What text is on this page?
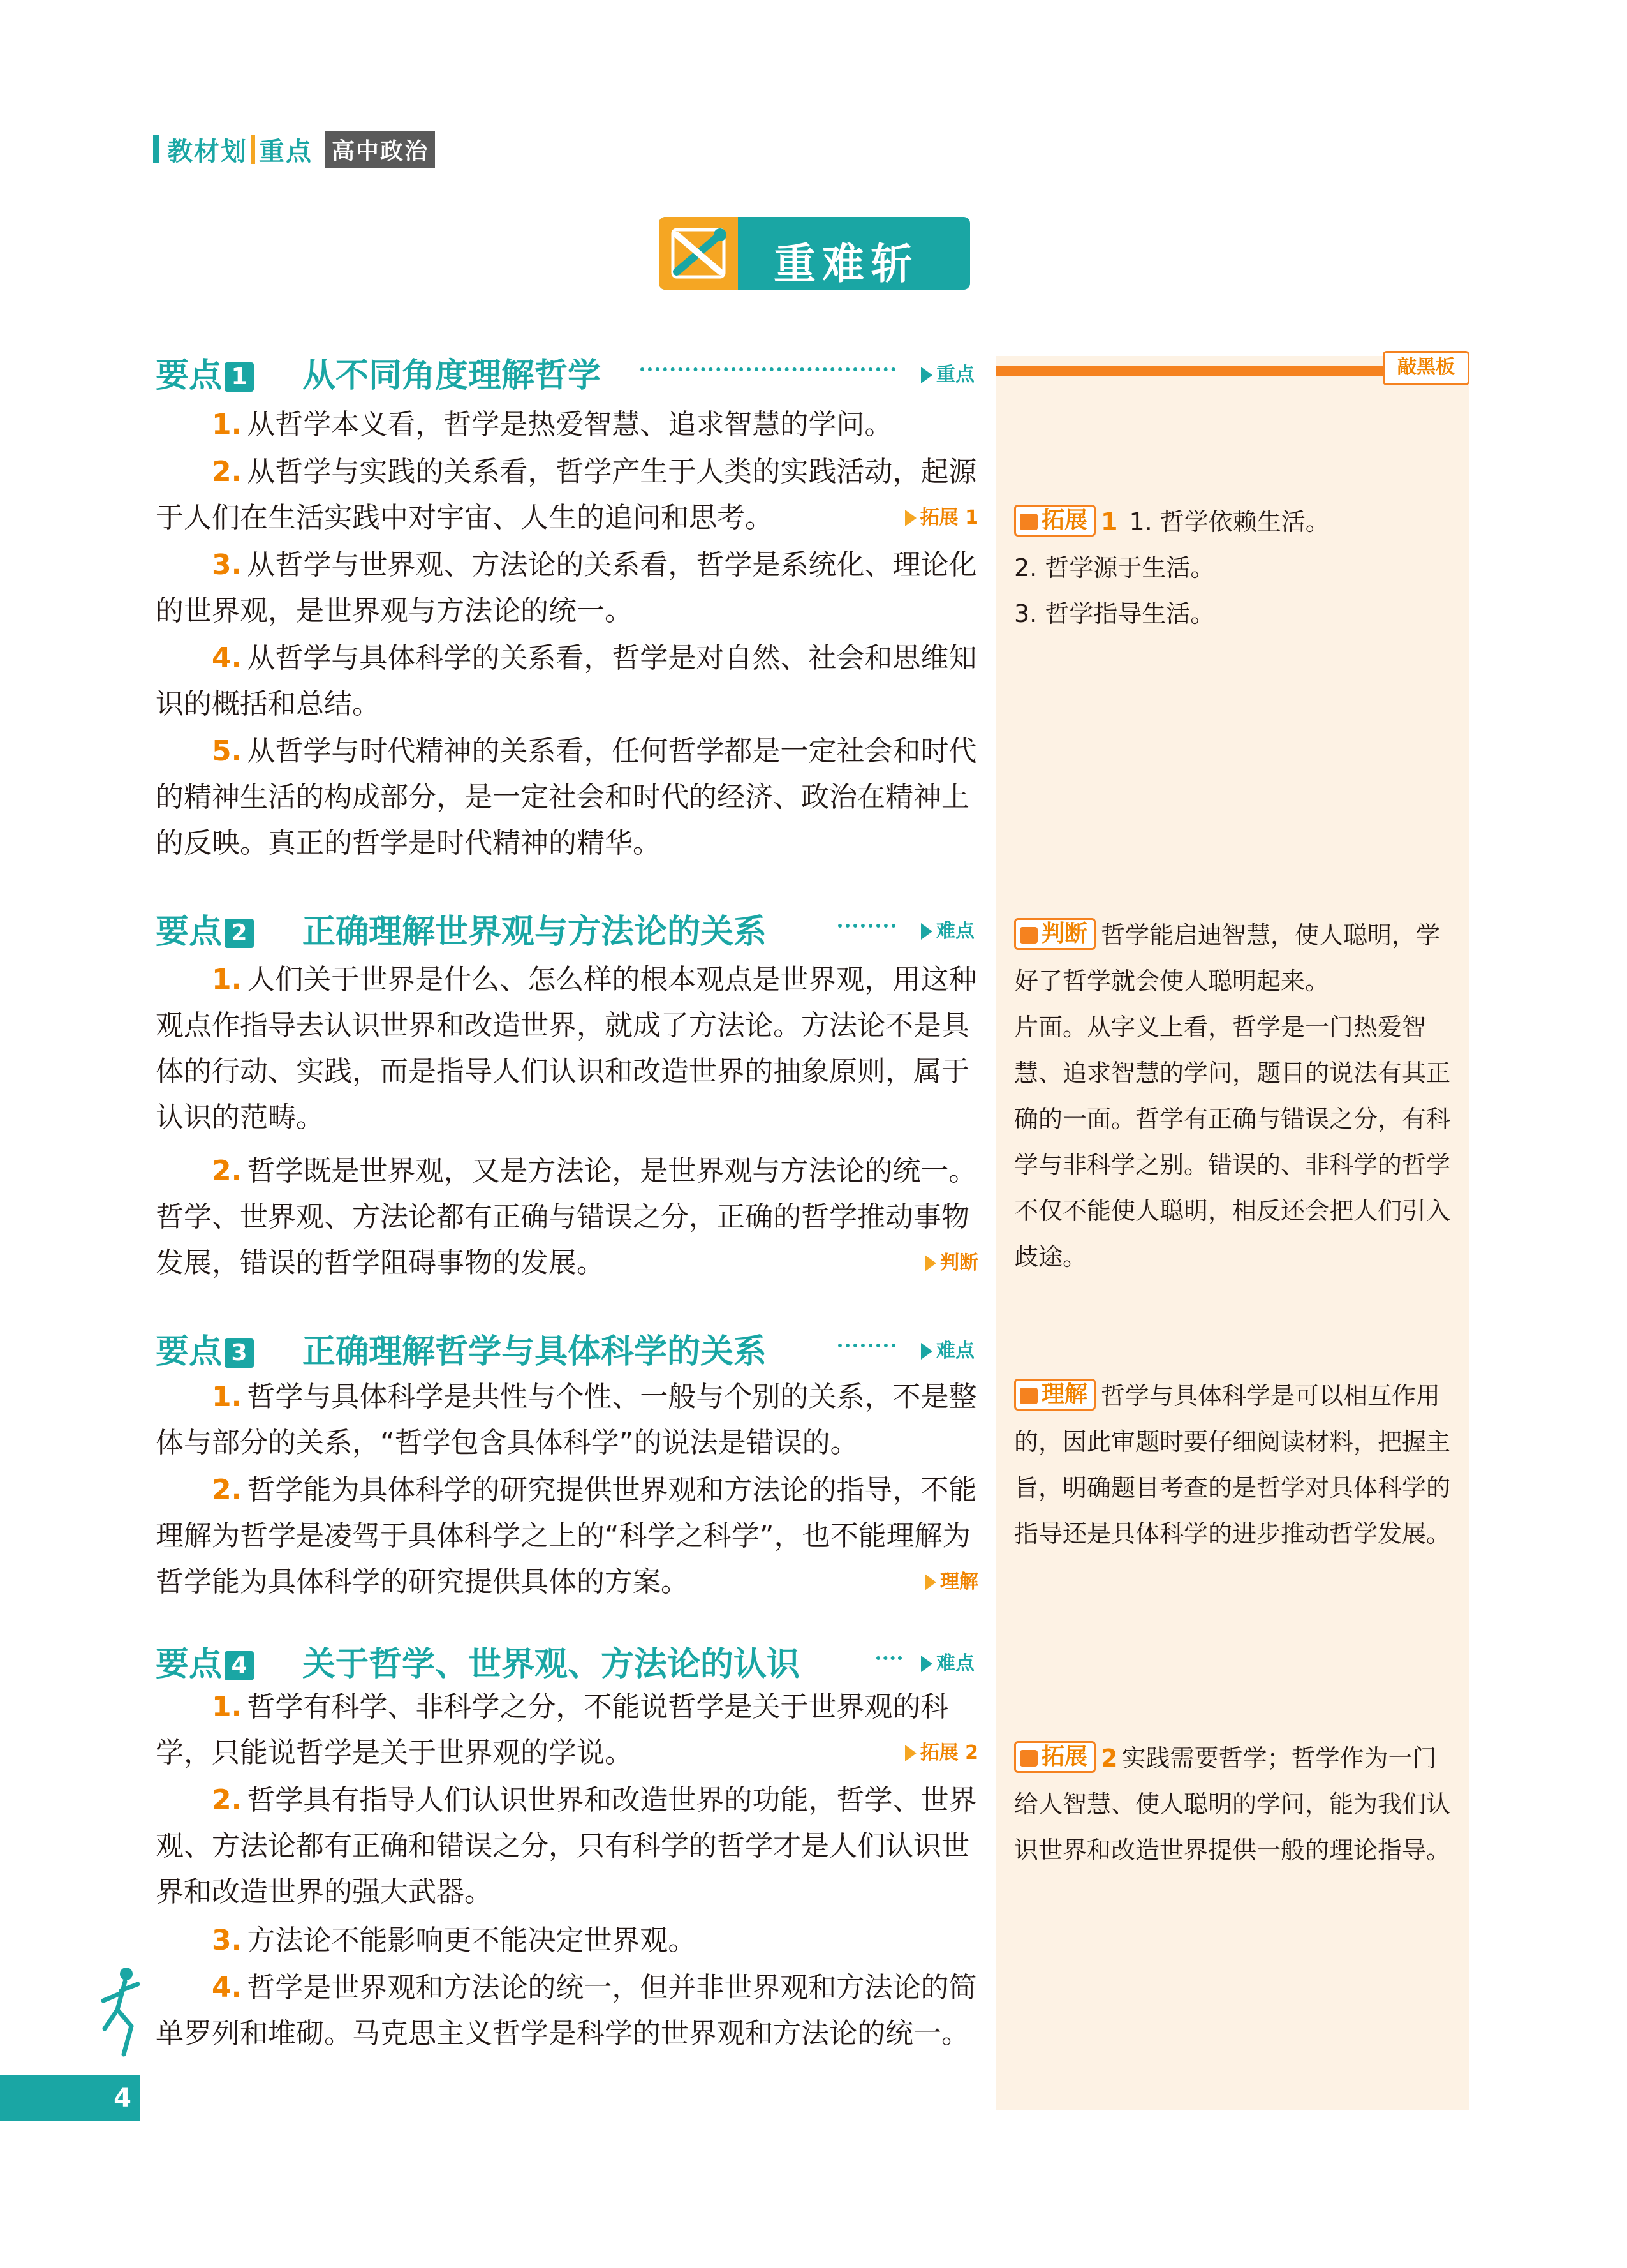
教材划 重点 高中政治
重难斩
敲黑板
要点 1 从不同角度理解哲学	重点

1. 从哲学本义看，哲学是热爱智慧、追求智慧的学问。

2. 从哲学与实践的关系看，哲学产生于人类的实践活动，起源于人们在生活实践中对宇宙、人生的追问和思考。	拓展 1

3. 从哲学与世界观、方法论的关系看，哲学是系统化、理论化的世界观，是世界观与方法论的统一。

4. 从哲学与具体科学的关系看，哲学是对自然、社会和思维知识的概括和总结。

5. 从哲学与时代精神的关系看，任何哲学都是一定社会和时代的精神生活的构成部分，是一定社会和时代的经济、政治在精神上的反映。真正的哲学是时代精神的精华。

要点 2 正确理解世界观与方法论的关系	难点

1. 人们关于世界是什么、怎么样的根本观点是世界观，用这种观点作指导去认识世界和改造世界，就成了方法论。方法论不是具体的行动、实践，而是指导人们认识和改造世界的抽象原则，属于认识的范畴。

2. 哲学既是世界观，又是方法论，是世界观与方法论的统一。哲学、世界观、方法论都有正确与错误之分，正确的哲学推动事物发展，错误的哲学阻碍事物的发展。	判断

要点 3 正确理解哲学与具体科学的关系	难点

1. 哲学与具体科学是共性与个性、一般与个别的关系，不是整体与部分的关系，“哲学包含具体科学”的说法是错误的。

2. 哲学能为具体科学的研究提供世界观和方法论的指导，不能理解为哲学是凌驾于具体科学之上的“科学之科学”，也不能理解为哲学能为具体科学的研究提供具体的方案。	理解

要点 4 关于哲学、世界观、方法论的认识	难点

1. 哲学有科学、非科学之分，不能说哲学是关于世界观的科学，只能说哲学是关于世界观的学说。	拓展 2

2. 哲学具有指导人们认识世界和改造世界的功能，哲学、世界观、方法论都有正确和错误之分，只有科学的哲学才是人们认识世界和改造世界的强大武器。

3. 方法论不能影响更不能决定世界观。

4. 哲学是世界观和方法论的统一，但并非世界观和方法论的简单罗列和堆砌。马克思主义哲学是科学的世界观和方法论的统一。

拓展 1 1. 哲学依赖生活。
2. 哲学源于生活。
3. 哲学指导生活。
判断 哲学能启迪智慧，使人聪明，学好了哲学就会使人聪明起来。
片面。从字义上看，哲学是一门热爱智慧、追求智慧的学问，题目的说法有其正确的一面。哲学有正确与错误之分，有科学与非科学之别。错误的、非科学的哲学不仅不能使人聪明，相反还会把人们引入歧途。
理解 哲学与具体科学是可以相互作用的，因此审题时要仔细阅读材料，把握主旨，明确题目考查的是哲学对具体科学的指导还是具体科学的进步推动哲学发展。
拓展 2 实践需要哲学；哲学作为一门给人智慧、使人聪明的学问，能为我们认识世界和改造世界提供一般的理论指导。
4
